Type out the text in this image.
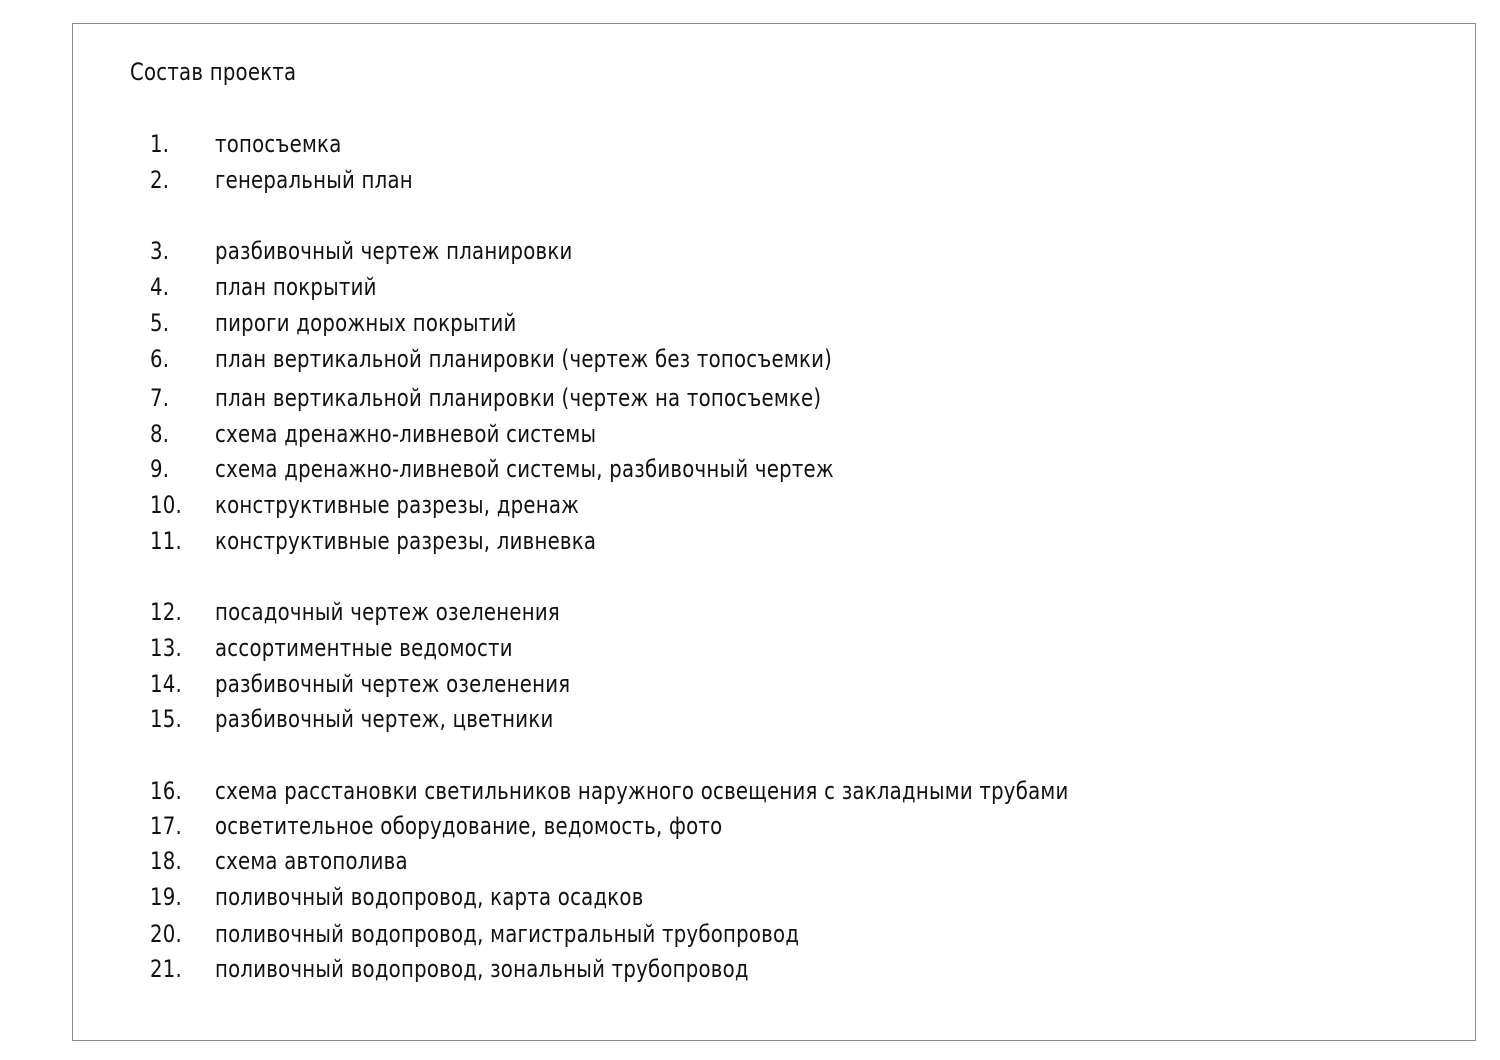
Состав проекта
1. топосъемка
2. генеральный план
3. разбивочный чертеж планировки
4. план покрытий
5. пироги дорожных покрытий
6. план вертикальной планировки (чертеж без топосъемки)
7. план вертикальной планировки (чертеж на топосъемке)
8. схема дренажно-ливневой системы
9. схема дренажно-ливневой системы, разбивочный чертеж
10. конструктивные разрезы, дренаж
11. конструктивные разрезы, ливневка
12. посадочный чертеж озеленения
13. ассортиментные ведомости
14. разбивочный чертеж озеленения
15. разбивочный чертеж, цветники
16. схема расстановки светильников наружного освещения с закладными трубами
17. осветительное оборудование, ведомость, фото
18. схема автополива
19. поливочный водопровод, карта осадков
20. поливочный водопровод, магистральный трубопровод
21. поливочный водопровод, зональный трубопровод
